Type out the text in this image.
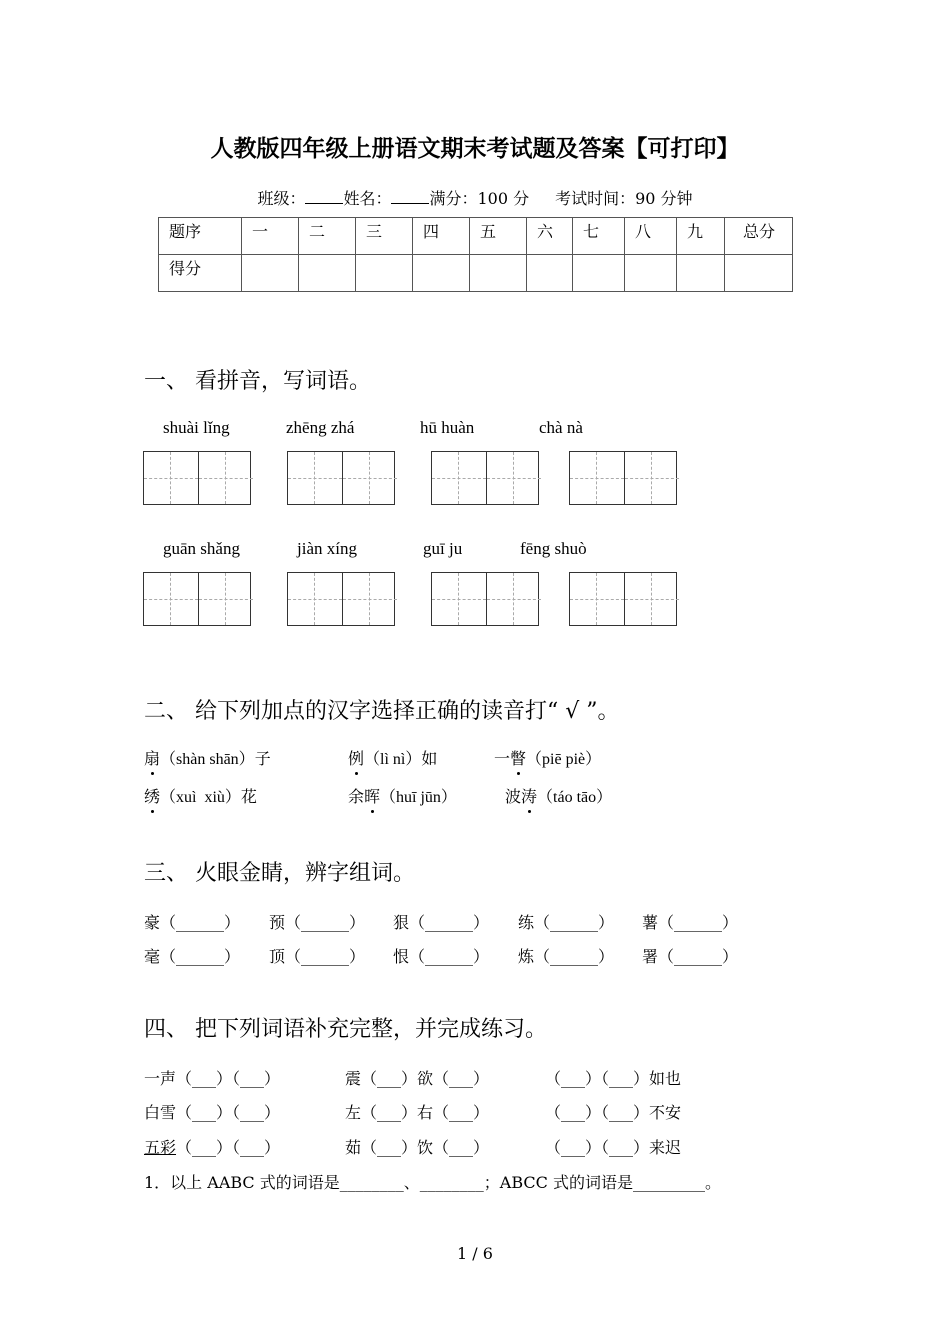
人教版四年级上册语文期末考试题及答案【可打印】
班级： 姓名： 满分：100 分 考试时间：90 分钟
题序	一	二	三	四	五	六	七	八	九	总分
得分										
一、 看拼音，写词语。
shuài lǐng	zhēng zhá	hū huàn	chà nà
guān shǎng	jiàn xíng	guī ju	fēng shuò
二、 给下列加点的汉字选择正确的读音打“ √ ”。
扇（shàn shān）子	例（lì nì）如	一瞥（piē piè）
绣（xuì  xiù）花	余晖（huī jūn）	波涛（táo tāo）
三、 火眼金睛，辨字组词。
豪（______） 预（______） 狠（______） 练（______） 薯（______）
毫（______） 顶（______） 恨（______） 炼（______） 署（______）
四、 把下列词语补充完整，并完成练习。
一声（___）（___）	震（___）欲（___）	（___）（___）如也
白雪（___）（___）	左（___）右（___）	（___）（___）不安
五彩（___）（___）	茹（___）饮（___）	（___）（___）来迟
1．以上 AABC 式的词语是________、________；ABCC 式的词语是_________。
1 / 6
